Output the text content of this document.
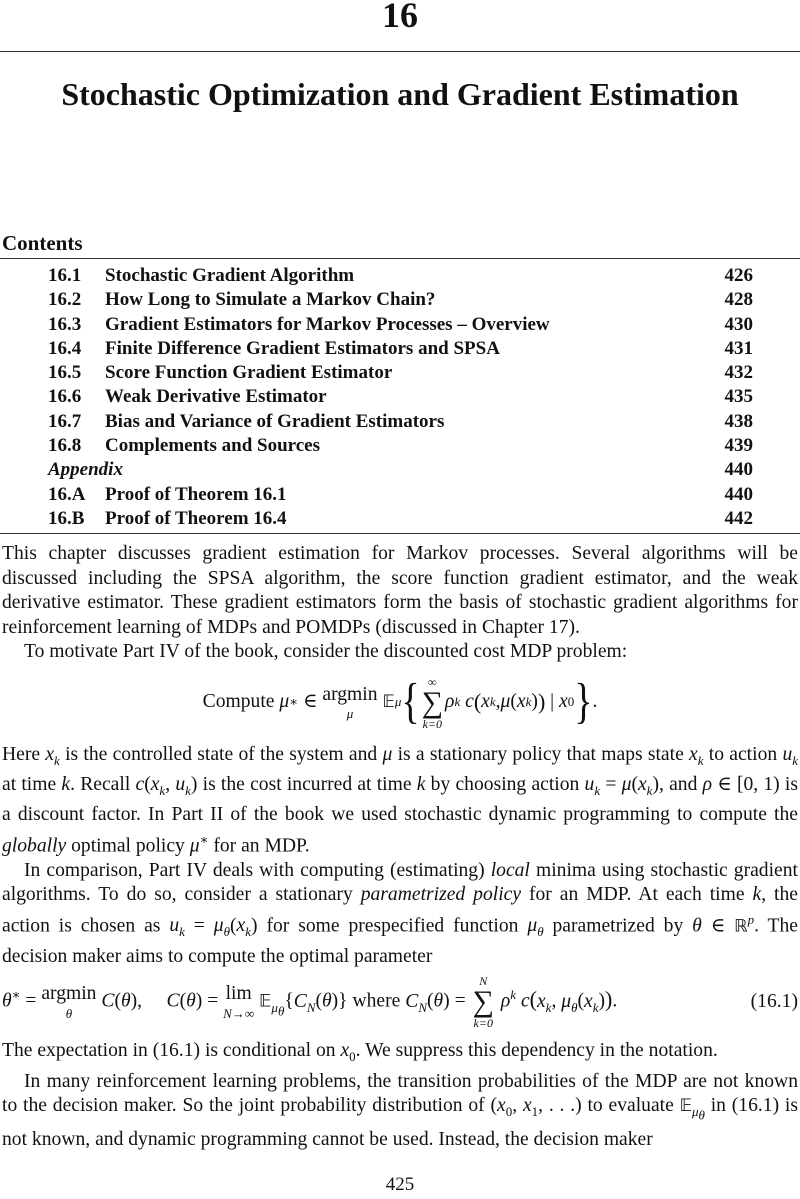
16
Stochastic Optimization and Gradient Estimation
Contents
16.1	Stochastic Gradient Algorithm	426
16.2	How Long to Simulate a Markov Chain?	428
16.3	Gradient Estimators for Markov Processes – Overview	430
16.4	Finite Difference Gradient Estimators and SPSA	431
16.5	Score Function Gradient Estimator	432
16.6	Weak Derivative Estimator	435
16.7	Bias and Variance of Gradient Estimators	438
16.8	Complements and Sources	439
Appendix	440
16.A	Proof of Theorem 16.1	440
16.B	Proof of Theorem 16.4	442

This chapter discusses gradient estimation for Markov processes. Several algorithms will be discussed including the SPSA algorithm, the score function gradient estimator, and the weak derivative estimator. These gradient estimators form the basis of stochastic gradient algorithms for reinforcement learning of MDPs and POMDPs (discussed in Chapter 17).

To motivate Part IV of the book, consider the discounted cost MDP problem:

Compute
μ ∗ ∈ argmin
μ

𝔼 μ { ∞
∑
k=0
ρ k
c ( x k , μ ( x k ) ) | x 0 } .

Here $x_k$ is the controlled state of the system and μ is a stationary policy that maps state $x_k$ to action $u_k$ at time k. Recall $c(x_k$, $u_k$) is the cost incurred at time k by choosing action $u_k = \mu(x_k)$, and ρ ∈ [0, 1) is a discount factor. In Part II of the book we used stochastic dynamic programming to compute the globally optimal policy μ∗ for an MDP.

In comparison, Part IV deals with computing (estimating) local minima using stochastic gradient algorithms. To do so, consider a stationary parametrized policy for an MDP. At each time k, the action is chosen as $u_k = \mu_\theta(x_k)$ for some prespecified function $\mu_\theta$ parametrized by θ ∈ ℝ$^p$. The decision maker aims to compute the optimal parameter

θ∗ = argmin
θ
C(θ),     C(θ) = lim
N→∞
$𝔼_{\mu_\theta}\{C_N(\theta)\}$ where $C_N(\theta)$ =
N
∑
k=0
$\rho^k$ $c(x_k$, $\mu_\theta(x_k)$).	(16.1)

The expectation in (16.1) is conditional on $x_0$. We suppress this dependency in the notation.

In many reinforcement learning problems, the transition probabilities of the MDP are not known to the decision maker. So the joint probability distribution of ($x_0$, $x_1$, . . .) to evaluate 𝔼$_{\mu_\theta}$ in (16.1) is not known, and dynamic programming cannot be used. Instead, the decision maker

425
